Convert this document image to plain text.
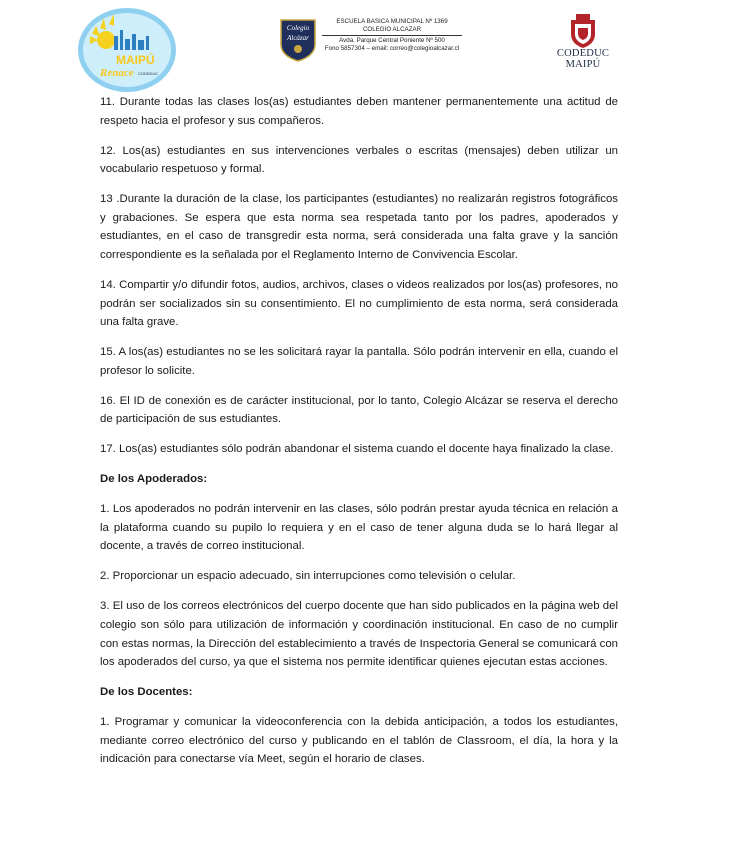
MAIPÚ
Renace CODEDUC
Colegio
Alcázar
ESCUELA BASICA MUNICIPAL Nº 1369
COLEGIO ALCAZAR
Avda. Parque Central Poniente Nº 500
Fono 5857304 – email: correo@colegioalcazar.cl	CODEDUC
MAIPÚ

11. Durante todas las clases los(as) estudiantes deben mantener permanentemente una actitud de respeto hacia el profesor y sus compañeros.

12. Los(as) estudiantes en sus intervenciones verbales o escritas (mensajes) deben utilizar un vocabulario respetuoso y formal.

13 .Durante la duración de la clase, los participantes (estudiantes) no realizarán registros fotográficos y grabaciones. Se espera que esta norma sea respetada tanto por los padres, apoderados y estudiantes, en el caso de transgredir esta norma, será considerada una falta grave y la sanción correspondiente es la señalada por el Reglamento Interno de Convivencia Escolar.

14. Compartir y/o difundir fotos, audios, archivos, clases o videos realizados por los(as) profesores, no podrán ser socializados sin su consentimiento. El no cumplimiento de esta norma, será considerada una falta grave.

15. A los(as) estudiantes no se les solicitará rayar la pantalla. Sólo podrán intervenir en ella, cuando el profesor lo solicite.

16. El ID de conexión es de carácter institucional, por lo tanto, Colegio Alcázar se reserva el derecho de participación de sus estudiantes.

17. Los(as) estudiantes sólo podrán abandonar el sistema cuando el docente haya finalizado la clase.

De los Apoderados:

1. Los apoderados no podrán intervenir en las clases, sólo podrán prestar ayuda técnica en relación a la plataforma cuando su pupilo lo requiera y en el caso de tener alguna duda se lo hará llegar al docente, a través de correo institucional.

2. Proporcionar un espacio adecuado, sin interrupciones como televisión o celular.

3. El uso de los correos electrónicos del cuerpo docente que han sido publicados en la página web del colegio son sólo para utilización de información y coordinación institucional. En caso de no cumplir con estas normas, la Dirección del establecimiento a través de Inspectoria General se comunicará con los apoderados del curso, ya que el sistema nos permite identificar quienes ejecutan estas acciones.

De los Docentes:

1. Programar y comunicar la videoconferencia con la debida anticipación, a todos los estudiantes, mediante correo electrónico del curso y publicando en el tablón de Classroom, el día, la hora y la indicación para conectarse vía Meet, según el horario de clases.
